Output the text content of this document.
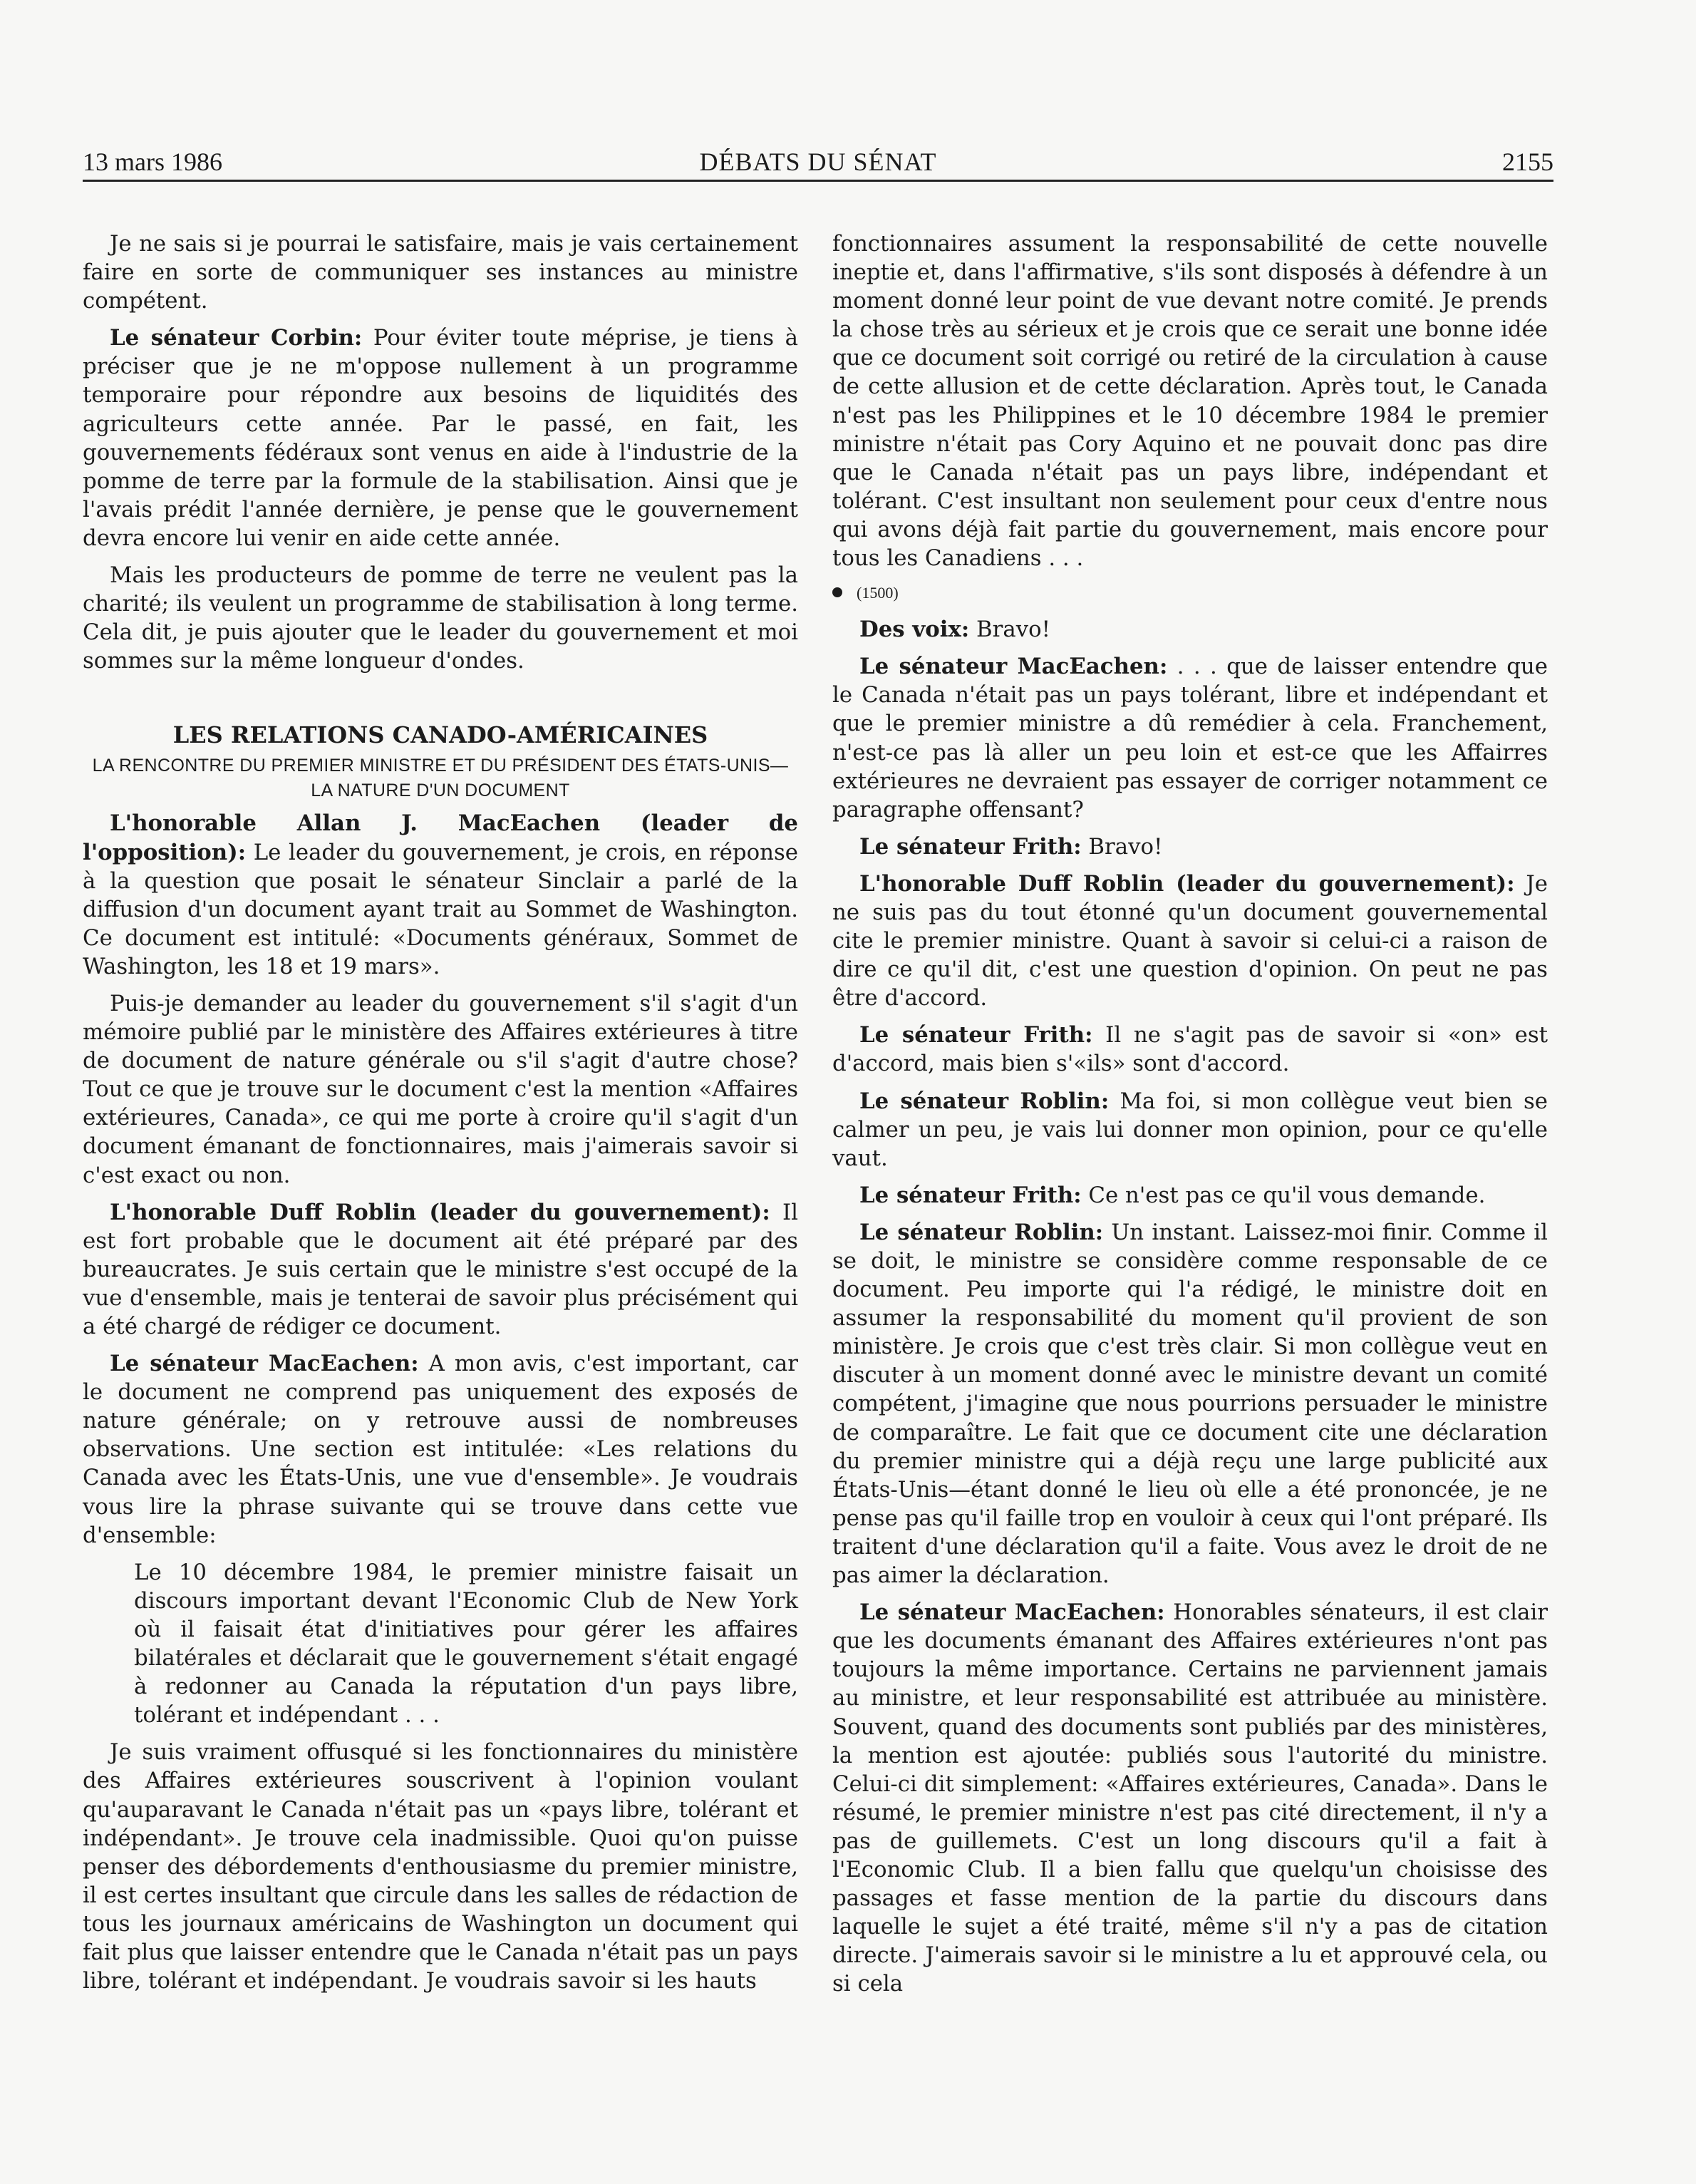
13 mars 1986	DÉBATS DU SÉNAT	2155

Je ne sais si je pourrai le satisfaire, mais je vais certainement faire en sorte de communiquer ses instances au ministre compétent.

Le sénateur Corbin: Pour éviter toute méprise, je tiens à préciser que je ne m'oppose nullement à un programme temporaire pour répondre aux besoins de liquidités des agriculteurs cette année. Par le passé, en fait, les gouvernements fédéraux sont venus en aide à l'industrie de la pomme de terre par la formule de la stabilisation. Ainsi que je l'avais prédit l'année dernière, je pense que le gouvernement devra encore lui venir en aide cette année.

Mais les producteurs de pomme de terre ne veulent pas la charité; ils veulent un programme de stabilisation à long terme. Cela dit, je puis ajouter que le leader du gouvernement et moi sommes sur la même longueur d'ondes.

LES RELATIONS CANADO-AMÉRICAINES
LA RENCONTRE DU PREMIER MINISTRE ET DU PRÉSIDENT DES ÉTATS-UNIS—LA NATURE D'UN DOCUMENT

L'honorable Allan J. MacEachen (leader de l'opposition): Le leader du gouvernement, je crois, en réponse à la question que posait le sénateur Sinclair a parlé de la diffusion d'un document ayant trait au Sommet de Washington. Ce document est intitulé: «Documents généraux, Sommet de Washington, les 18 et 19 mars».

Puis-je demander au leader du gouvernement s'il s'agit d'un mémoire publié par le ministère des Affaires extérieures à titre de document de nature générale ou s'il s'agit d'autre chose? Tout ce que je trouve sur le document c'est la mention «Affaires extérieures, Canada», ce qui me porte à croire qu'il s'agit d'un document émanant de fonctionnaires, mais j'aimerais savoir si c'est exact ou non.

L'honorable Duff Roblin (leader du gouvernement): Il est fort probable que le document ait été préparé par des bureaucrates. Je suis certain que le ministre s'est occupé de la vue d'ensemble, mais je tenterai de savoir plus précisément qui a été chargé de rédiger ce document.

Le sénateur MacEachen: A mon avis, c'est important, car le document ne comprend pas uniquement des exposés de nature générale; on y retrouve aussi de nombreuses observations. Une section est intitulée: «Les relations du Canada avec les États-Unis, une vue d'ensemble». Je voudrais vous lire la phrase suivante qui se trouve dans cette vue d'ensemble:

Le 10 décembre 1984, le premier ministre faisait un discours important devant l'Economic Club de New York où il faisait état d'initiatives pour gérer les affaires bilatérales et déclarait que le gouvernement s'était engagé à redonner au Canada la réputation d'un pays libre, tolérant et indépendant . . .

Je suis vraiment offusqué si les fonctionnaires du ministère des Affaires extérieures souscrivent à l'opinion voulant qu'auparavant le Canada n'était pas un «pays libre, tolérant et indépendant». Je trouve cela inadmissible. Quoi qu'on puisse penser des débordements d'enthousiasme du premier ministre, il est certes insultant que circule dans les salles de rédaction de tous les journaux américains de Washington un document qui fait plus que laisser entendre que le Canada n'était pas un pays libre, tolérant et indépendant. Je voudrais savoir si les hauts

fonctionnaires assument la responsabilité de cette nouvelle ineptie et, dans l'affirmative, s'ils sont disposés à défendre à un moment donné leur point de vue devant notre comité. Je prends la chose très au sérieux et je crois que ce serait une bonne idée que ce document soit corrigé ou retiré de la circulation à cause de cette allusion et de cette déclaration. Après tout, le Canada n'est pas les Philippines et le 10 décembre 1984 le premier ministre n'était pas Cory Aquino et ne pouvait donc pas dire que le Canada n'était pas un pays libre, indépendant et tolérant. C'est insultant non seulement pour ceux d'entre nous qui avons déjà fait partie du gouvernement, mais encore pour tous les Canadiens . . .

(1500)

Des voix: Bravo!

Le sénateur MacEachen: . . . que de laisser entendre que le Canada n'était pas un pays tolérant, libre et indépendant et que le premier ministre a dû remédier à cela. Franchement, n'est-ce pas là aller un peu loin et est-ce que les Affairres extérieures ne devraient pas essayer de corriger notamment ce paragraphe offensant?

Le sénateur Frith: Bravo!

L'honorable Duff Roblin (leader du gouvernement): Je ne suis pas du tout étonné qu'un document gouvernemental cite le premier ministre. Quant à savoir si celui-ci a raison de dire ce qu'il dit, c'est une question d'opinion. On peut ne pas être d'accord.

Le sénateur Frith: Il ne s'agit pas de savoir si «on» est d'accord, mais bien s'«ils» sont d'accord.

Le sénateur Roblin: Ma foi, si mon collègue veut bien se calmer un peu, je vais lui donner mon opinion, pour ce qu'elle vaut.

Le sénateur Frith: Ce n'est pas ce qu'il vous demande.

Le sénateur Roblin: Un instant. Laissez-moi finir. Comme il se doit, le ministre se considère comme responsable de ce document. Peu importe qui l'a rédigé, le ministre doit en assumer la responsabilité du moment qu'il provient de son ministère. Je crois que c'est très clair. Si mon collègue veut en discuter à un moment donné avec le ministre devant un comité compétent, j'imagine que nous pourrions persuader le ministre de comparaître. Le fait que ce document cite une déclaration du premier ministre qui a déjà reçu une large publicité aux États-Unis—étant donné le lieu où elle a été prononcée, je ne pense pas qu'il faille trop en vouloir à ceux qui l'ont préparé. Ils traitent d'une déclaration qu'il a faite. Vous avez le droit de ne pas aimer la déclaration.

Le sénateur MacEachen: Honorables sénateurs, il est clair que les documents émanant des Affaires extérieures n'ont pas toujours la même importance. Certains ne parviennent jamais au ministre, et leur responsabilité est attribuée au ministère. Souvent, quand des documents sont publiés par des ministères, la mention est ajoutée: publiés sous l'autorité du ministre. Celui-ci dit simplement: «Affaires extérieures, Canada». Dans le résumé, le premier ministre n'est pas cité directement, il n'y a pas de guillemets. C'est un long discours qu'il a fait à l'Economic Club. Il a bien fallu que quelqu'un choisisse des passages et fasse mention de la partie du discours dans laquelle le sujet a été traité, même s'il n'y a pas de citation directe. J'aimerais savoir si le ministre a lu et approuvé cela, ou si cela
